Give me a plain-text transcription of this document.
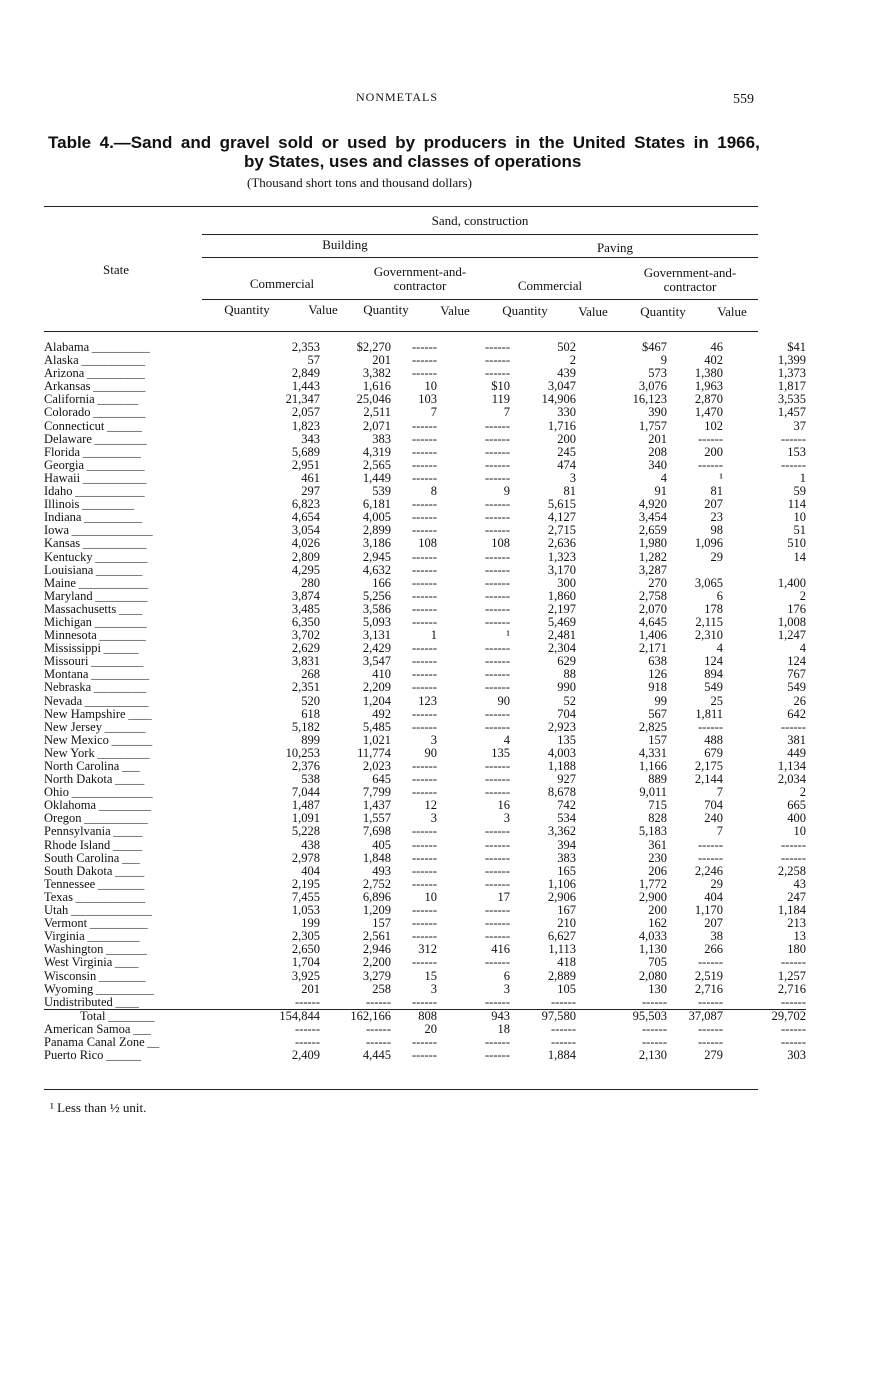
NONMETALS	559
Table 4.—Sand and gravel sold or used by producers in the United States in 1966,
by States, uses and classes of operations
(Thousand short tons and thousand dollars)
Sand, construction
Building	Paving
State
Commercial
Government-and-
contractor	Commercial
Government-and-
contractor
Quantity	Value	Quantity	Value	Quantity	Value	Quantity	Value
Alabama __________	2,353	$2,270	------	------	502	$467	46	$41
Alaska ___________	57	201	------	------	2	9	402	1,399
Arizona __________	2,849	3,382	------	------	439	573	1,380	1,373
Arkansas _________	1,443	1,616	10	$10	3,047	3,076	1,963	1,817
California _______	21,347	25,046	103	119	14,906	16,123	2,870	3,535
Colorado _________	2,057	2,511	7	7	330	390	1,470	1,457
Connecticut ______	1,823	2,071	------	------	1,716	1,757	102	37
Delaware _________	343	383	------	------	200	201	------	------
Florida __________	5,689	4,319	------	------	245	208	200	153
Georgia __________	2,951	2,565	------	------	474	340	------	------
Hawaii ___________	461	1,449	------	------	3	4	¹	1
Idaho ____________	297	539	8	9	81	91	81	59
Illinois _________	6,823	6,181	------	------	5,615	4,920	207	114
Indiana __________	4,654	4,005	------	------	4,127	3,454	23	10
Iowa ______________	3,054	2,899	------	------	2,715	2,659	98	51
Kansas ___________	4,026	3,186	108	108	2,636	1,980	1,096	510
Kentucky _________	2,809	2,945	------	------	1,323	1,282	29	14
Louisiana ________	4,295	4,632	------	------	3,170	3,287		
Maine ____________	280	166	------	------	300	270	3,065	1,400
Maryland _________	3,874	5,256	------	------	1,860	2,758	6	2
Massachusetts ____	3,485	3,586	------	------	2,197	2,070	178	176
Michigan _________	6,350	5,093	------	------	5,469	4,645	2,115	1,008
Minnesota ________	3,702	3,131	1	¹	2,481	1,406	2,310	1,247
Mississippi ______	2,629	2,429	------	------	2,304	2,171	4	4
Missouri _________	3,831	3,547	------	------	629	638	124	124
Montana __________	268	410	------	------	88	126	894	767
Nebraska _________	2,351	2,209	------	------	990	918	549	549
Nevada ___________	520	1,204	123	90	52	99	25	26
New Hampshire ____	618	492	------	------	704	567	1,811	642
New Jersey _______	5,182	5,485	------	------	2,923	2,825	------	------
New Mexico _______	899	1,021	3	4	135	157	488	381
New York _________	10,253	11,774	90	135	4,003	4,331	679	449
North Carolina ___	2,376	2,023	------	------	1,188	1,166	2,175	1,134
North Dakota _____	538	645	------	------	927	889	2,144	2,034
Ohio ______________	7,044	7,799	------	------	8,678	9,011	7	2
Oklahoma _________	1,487	1,437	12	16	742	715	704	665
Oregon ___________	1,091	1,557	3	3	534	828	240	400
Pennsylvania _____	5,228	7,698	------	------	3,362	5,183	7	10
Rhode Island _____	438	405	------	------	394	361	------	------
South Carolina ___	2,978	1,848	------	------	383	230	------	------
South Dakota _____	404	493	------	------	165	206	2,246	2,258
Tennessee ________	2,195	2,752	------	------	1,106	1,772	29	43
Texas ____________	7,455	6,896	10	17	2,906	2,900	404	247
Utah ______________	1,053	1,209	------	------	167	200	1,170	1,184
Vermont __________	199	157	------	------	210	162	207	213
Virginia _________	2,305	2,561	------	------	6,627	4,033	38	13
Washington _______	2,650	2,946	312	416	1,113	1,130	266	180
West Virginia ____	1,704	2,200	------	------	418	705	------	------
Wisconsin ________	3,925	3,279	15	6	2,889	2,080	2,519	1,257
Wyoming __________	201	258	3	3	105	130	2,716	2,716
Undistributed ____	------	------	------	------	------	------	------	------
Total ________	154,844	162,166	808	943	97,580	95,503	37,087	29,702
American Samoa ___	------	------	20	18	------	------	------	------
Panama Canal Zone __	------	------	------	------	------	------	------	------
Puerto Rico ______	2,409	4,445	------	------	1,884	2,130	279	303
¹ Less than ½ unit.
